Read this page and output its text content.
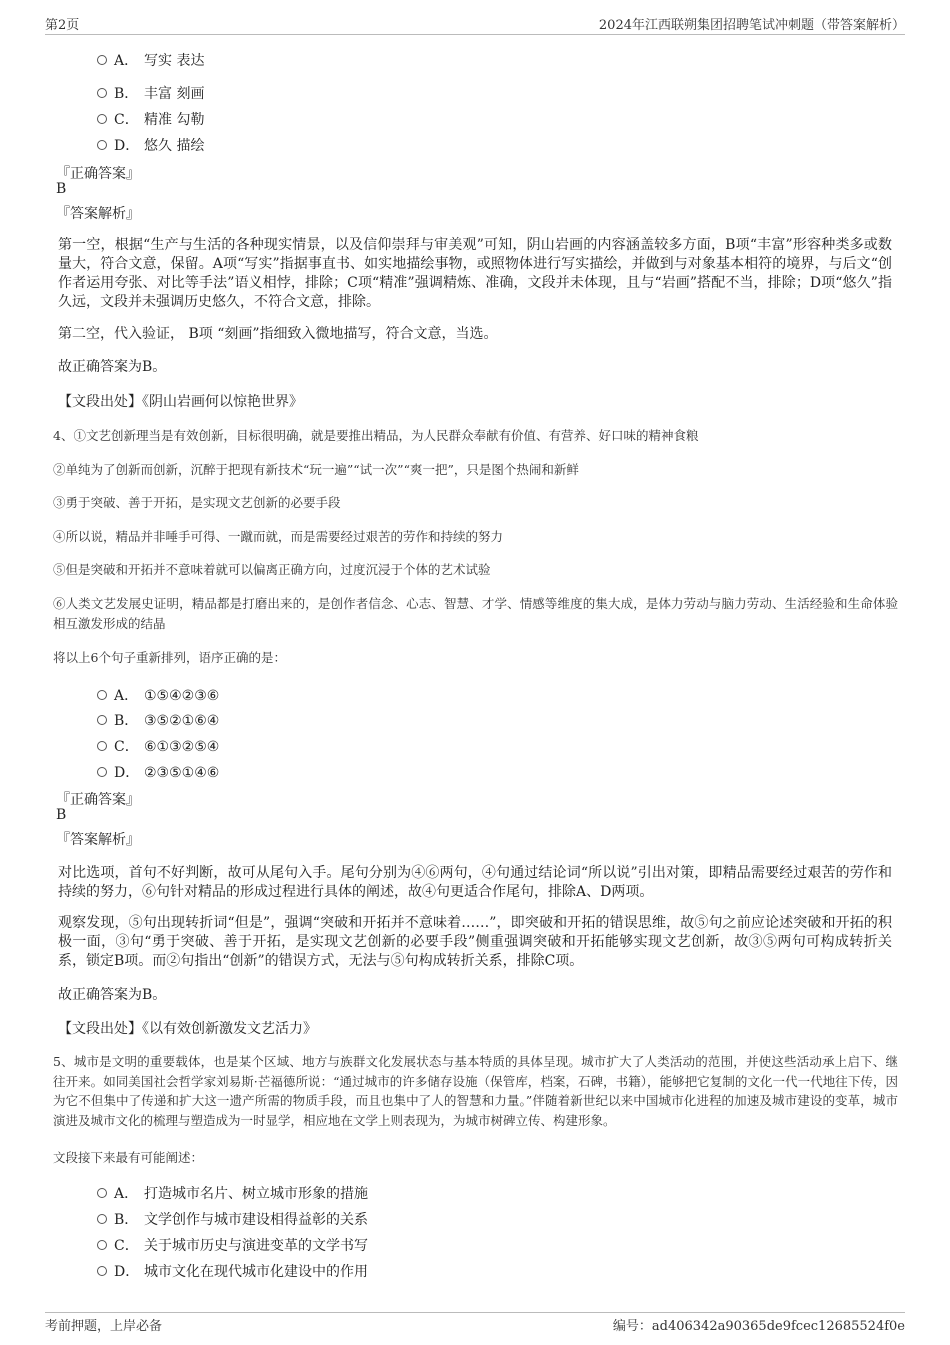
第2页	2024年江西联朔集团招聘笔试冲刺题（带答案解析）
A． 写实 表达
B． 丰富 刻画
C． 精准 勾勒
D． 悠久 描绘
『正确答案』
B
『答案解析』
第一空，根据“生产与生活的各种现实情景，以及信仰崇拜与审美观”可知，阴山岩画的内容涵盖较多方面，B项“丰富”形容种类多或数量大，符合文意，保留。A项“写实”指据事直书、如实地描绘事物，或照物体进行写实描绘，并做到与对象基本相符的境界，与后文“创作者运用夸张、对比等手法”语义相悖，排除；C项“精准”强调精炼、准确，文段并未体现，且与“岩画”搭配不当，排除；D项“悠久”指久远，文段并未强调历史悠久，不符合文意，排除。
第二空，代入验证， B项 “刻画”指细致入微地描写，符合文意，当选。
故正确答案为B。
【文段出处】《阴山岩画何以惊艳世界》
4、①文艺创新理当是有效创新，目标很明确，就是要推出精品，为人民群众奉献有价值、有营养、好口味的精神食粮
②单纯为了创新而创新，沉醉于把现有新技术“玩一遍”“试一次”“爽一把”，只是图个热闹和新鲜
③勇于突破、善于开拓，是实现文艺创新的必要手段
④所以说，精品并非唾手可得、一蹴而就，而是需要经过艰苦的劳作和持续的努力
⑤但是突破和开拓并不意味着就可以偏离正确方向，过度沉浸于个体的艺术试验
⑥人类文艺发展史证明，精品都是打磨出来的，是创作者信念、心志、智慧、才学、情感等维度的集大成，是体力劳动与脑力劳动、生活经验和生命体验相互激发形成的结晶
将以上6个句子重新排列，语序正确的是：
A． ①⑤④②③⑥
B． ③⑤②①⑥④
C． ⑥①③②⑤④
D． ②③⑤①④⑥
『正确答案』
B
『答案解析』
对比选项，首句不好判断，故可从尾句入手。尾句分别为④⑥两句，④句通过结论词“所以说”引出对策，即精品需要经过艰苦的劳作和持续的努力，⑥句针对精品的形成过程进行具体的阐述，故④句更适合作尾句，排除A、D两项。
观察发现，⑤句出现转折词“但是”，强调“突破和开拓并不意味着……”，即突破和开拓的错误思维，故⑤句之前应论述突破和开拓的积极一面，③句“勇于突破、善于开拓，是实现文艺创新的必要手段”侧重强调突破和开拓能够实现文艺创新，故③⑤两句可构成转折关系，锁定B项。而②句指出“创新”的错误方式，无法与⑤句构成转折关系，排除C项。
故正确答案为B。
【文段出处】《以有效创新激发文艺活力》
5、城市是文明的重要载体，也是某个区域、地方与族群文化发展状态与基本特质的具体呈现。城市扩大了人类活动的范围，并使这些活动承上启下、继往开来。如同美国社会哲学家刘易斯·芒福德所说：“通过城市的许多储存设施（保管库，档案，石碑，书籍），能够把它复制的文化一代一代地往下传，因为它不但集中了传递和扩大这一遗产所需的物质手段，而且也集中了人的智慧和力量。”伴随着新世纪以来中国城市化进程的加速及城市建设的变革，城市演进及城市文化的梳理与塑造成为一时显学，相应地在文学上则表现为，为城市树碑立传、构建形象。
文段接下来最有可能阐述：
A． 打造城市名片、树立城市形象的措施
B． 文学创作与城市建设相得益彰的关系
C． 关于城市历史与演进变革的文学书写
D． 城市文化在现代城市化建设中的作用
考前押题，上岸必备	编号：ad406342a90365de9fcec12685524f0e
